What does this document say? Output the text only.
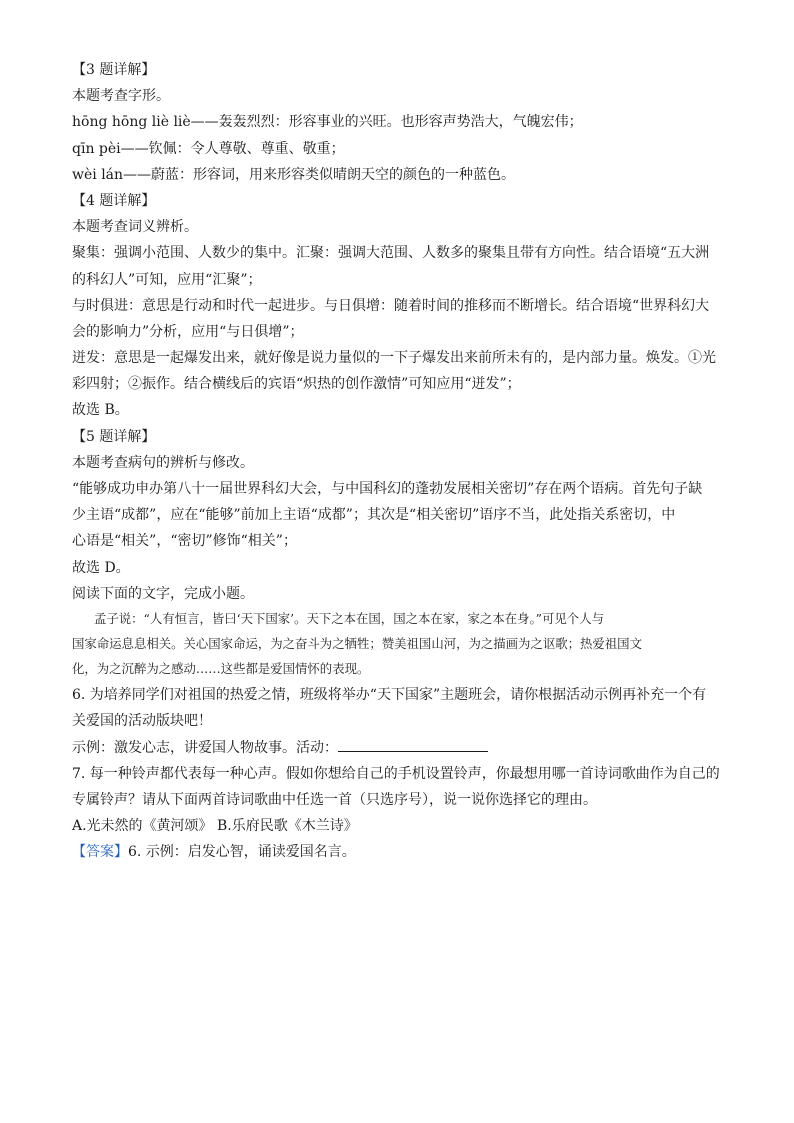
【3 题详解】
本题考查字形。
hōng hōng liè liè——轰轰烈烈：形容事业的兴旺。也形容声势浩大，气魄宏伟；
qīn pèi——钦佩：令人尊敬、尊重、敬重；
wèi lán——蔚蓝：形容词，用来形容类似晴朗天空的颜色的一种蓝色。
【4 题详解】
本题考查词义辨析。
聚集：强调小范围、人数少的集中。汇聚：强调大范围、人数多的聚集且带有方向性。结合语境“五大洲
的科幻人”可知，应用“汇聚”；
与时俱进：意思是行动和时代一起进步。与日俱增：随着时间的推移而不断增长。结合语境“世界科幻大
会的影响力”分析，应用“与日俱增”；
迸发：意思是一起爆发出来，就好像是说力量似的一下子爆发出来前所未有的，是内部力量。焕发。①光
彩四射；②振作。结合横线后的宾语“炽热的创作激情”可知应用“迸发”；
故选 B。
【5 题详解】
本题考查病句的辨析与修改。
“能够成功申办第八十一届世界科幻大会，与中国科幻的蓬勃发展相关密切”存在两个语病。首先句子缺
少主语“成都”，应在“能够”前加上主语“成都”；其次是“相关密切”语序不当，此处指关系密切，中
心语是“相关”，“密切”修饰“相关”；
故选 D。
阅读下面的文字，完成小题。
孟子说：“人有恒言，皆曰‘天下国家’。天下之本在国，国之本在家，家之本在身。”可见个人与
国家命运息息相关。关心国家命运，为之奋斗为之牺牲；赞美祖国山河，为之描画为之讴歌；热爱祖国文
化，为之沉醉为之感动……这些都是爱国情怀的表现。
6. 为培养同学们对祖国的热爱之情，班级将举办“天下国家”主题班会，请你根据活动示例再补充一个有
关爱国的活动版块吧！
示例：激发心志，讲爱国人物故事。活动：
7. 每一种铃声都代表每一种心声。假如你想给自己的手机设置铃声，你最想用哪一首诗词歌曲作为自己的
专属铃声？请从下面两首诗词歌曲中任选一首（只选序号），说一说你选择它的理由。
A.光未然的《黄河颂》 B.乐府民歌《木兰诗》
【答案】6. 示例：启发心智，诵读爱国名言。
